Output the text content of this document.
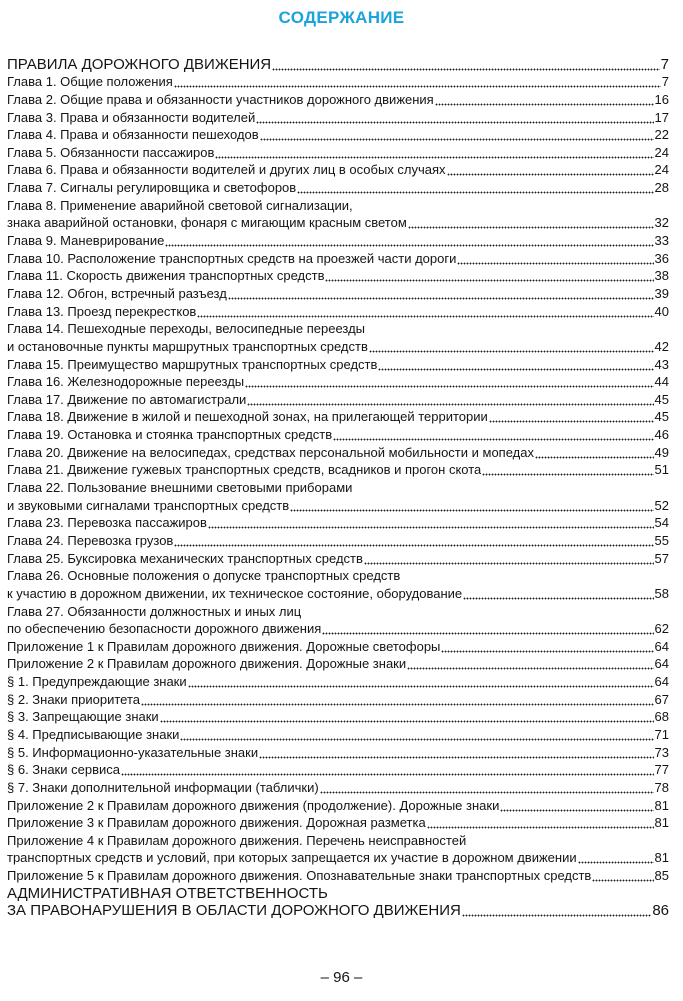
СОДЕРЖАНИЕ
ПРАВИЛА ДОРОЖНОГО ДВИЖЕНИЯ	7
Глава 1. Общие положения	7
Глава 2. Общие права и обязанности участников дорожного движения	16
Глава 3. Права и обязанности водителей	17
Глава 4. Права и обязанности пешеходов	22
Глава 5. Обязанности пассажиров	24
Глава 6. Права и обязанности водителей и других лиц в особых случаях	24
Глава 7. Сигналы регулировщика и светофоров	28
Глава 8. Применение аварийной световой сигнализации,
знака аварийной остановки, фонаря с мигающим красным светом	32
Глава 9. Маневрирование	33
Глава 10. Расположение транспортных средств на проезжей части дороги	36
Глава 11. Скорость движения транспортных средств	38
Глава 12. Обгон, встречный разъезд	39
Глава 13. Проезд перекрестков	40
Глава 14. Пешеходные переходы, велосипедные переезды
и остановочные пункты маршрутных транспортных средств	42
Глава 15. Преимущество маршрутных транспортных средств	43
Глава 16. Железнодорожные переезды	44
Глава 17. Движение по автомагистрали	45
Глава 18. Движение в жилой и пешеходной зонах, на прилегающей территории	45
Глава 19. Остановка и стоянка транспортных средств	46
Глава 20. Движение на велосипедах, средствах персональной мобильности и мопедах	49
Глава 21. Движение гужевых транспортных средств, всадников и прогон скота	51
Глава 22. Пользование внешними световыми приборами
и звуковыми сигналами транспортных средств	52
Глава 23. Перевозка пассажиров	54
Глава 24. Перевозка грузов	55
Глава 25. Буксировка механических транспортных средств	57
Глава 26. Основные положения о допуске транспортных средств
к участию в дорожном движении, их техническое состояние, оборудование	58
Глава 27. Обязанности должностных и иных лиц
по обеспечению безопасности дорожного движения	62
Приложение 1 к Правилам дорожного движения. Дорожные светофоры	64
Приложение 2 к Правилам дорожного движения. Дорожные знаки	64
§ 1. Предупреждающие знаки	64
§ 2. Знаки приоритета	67
§ 3. Запрещающие знаки	68
§ 4. Предписывающие знаки	71
§ 5. Информационно-указательные знаки	73
§ 6. Знаки сервиса	77
§ 7. Знаки дополнительной информации (таблички)	78
Приложение 2 к Правилам дорожного движения (продолжение). Дорожные знаки	81
Приложение 3 к Правилам дорожного движения. Дорожная разметка	81
Приложение 4 к Правилам дорожного движения. Перечень неисправностей
транспортных средств и условий, при которых запрещается их участие в дорожном движении	81
Приложение 5 к Правилам дорожного движения. Опознавательные знаки транспортных средств	85
АДМИНИСТРАТИВНАЯ ОТВЕТСТВЕННОСТЬ
ЗА ПРАВОНАРУШЕНИЯ В ОБЛАСТИ ДОРОЖНОГО ДВИЖЕНИЯ	86
– 96 –
